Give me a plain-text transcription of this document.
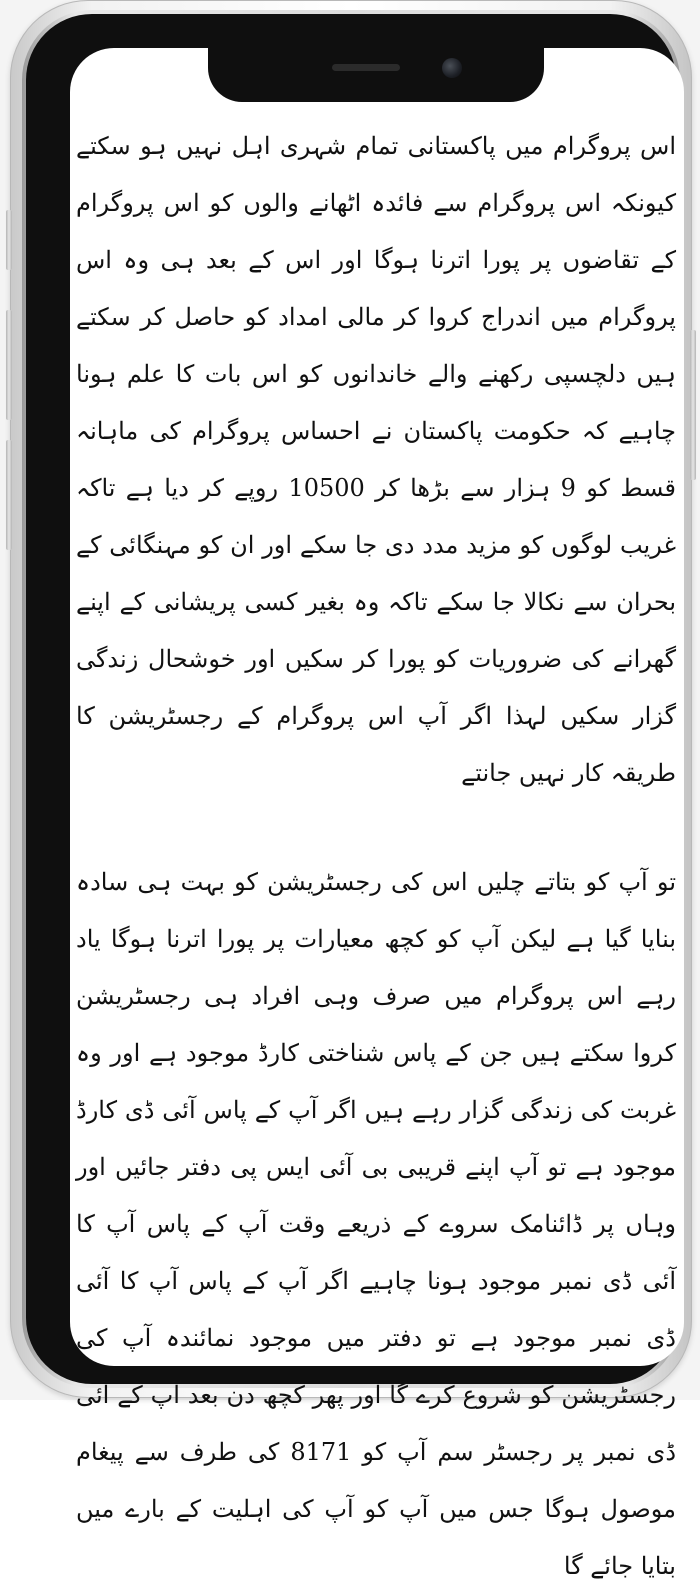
اس پروگرام میں پاکستانی تمام شہری اہل نہیں ہو سکتے کیونکہ اس پروگرام سے فائدہ اٹھانے والوں کو اس پروگرام کے تقاضوں پر پورا اترنا ہوگا اور اس کے بعد ہی وہ اس پروگرام میں اندراج کروا کر مالی امداد کو حاصل کر سکتے ہیں دلچسپی رکھنے والے خاندانوں کو اس بات کا علم ہونا چاہیے کہ حکومت پاکستان نے احساس پروگرام کی ماہانہ قسط کو 9 ہزار سے بڑھا کر 10500 روپے کر دیا ہے تاکہ غریب لوگوں کو مزید مدد دی جا سکے اور ان کو مہنگائی کے بحران سے نکالا جا سکے تاکہ وہ بغیر کسی پریشانی کے اپنے گھرانے کی ضروریات کو پورا کر سکیں اور خوشحال زندگی گزار سکیں لہذا اگر آپ اس پروگرام کے رجسٹریشن کا طریقہ کار نہیں جانتے

تو آپ کو بتاتے چلیں اس کی رجسٹریشن کو بہت ہی سادہ بنایا گیا ہے لیکن آپ کو کچھ معیارات پر پورا اترنا ہوگا یاد رہے اس پروگرام میں صرف وہی افراد ہی رجسٹریشن کروا سکتے ہیں جن کے پاس شناختی کارڈ موجود ہے اور وہ غربت کی زندگی گزار رہے ہیں اگر آپ کے پاس آئی ڈی کارڈ موجود ہے تو آپ اپنے قریبی بی آئی ایس پی دفتر جائیں اور وہاں پر ڈائنامک سروے کے ذریعے وقت آپ کے پاس آپ کا آئی ڈی نمبر موجود ہونا چاہیے اگر آپ کے پاس آپ کا آئی ڈی نمبر موجود ہے تو دفتر میں موجود نمائندہ آپ کی رجسٹریشن کو شروع کرے گا اور پھر کچھ دن بعد آپ کے آئی ڈی نمبر پر رجسٹر سم آپ کو 8171 کی طرف سے پیغام موصول ہوگا جس میں آپ کو آپ کی اہلیت کے بارے میں بتایا جائے گا
